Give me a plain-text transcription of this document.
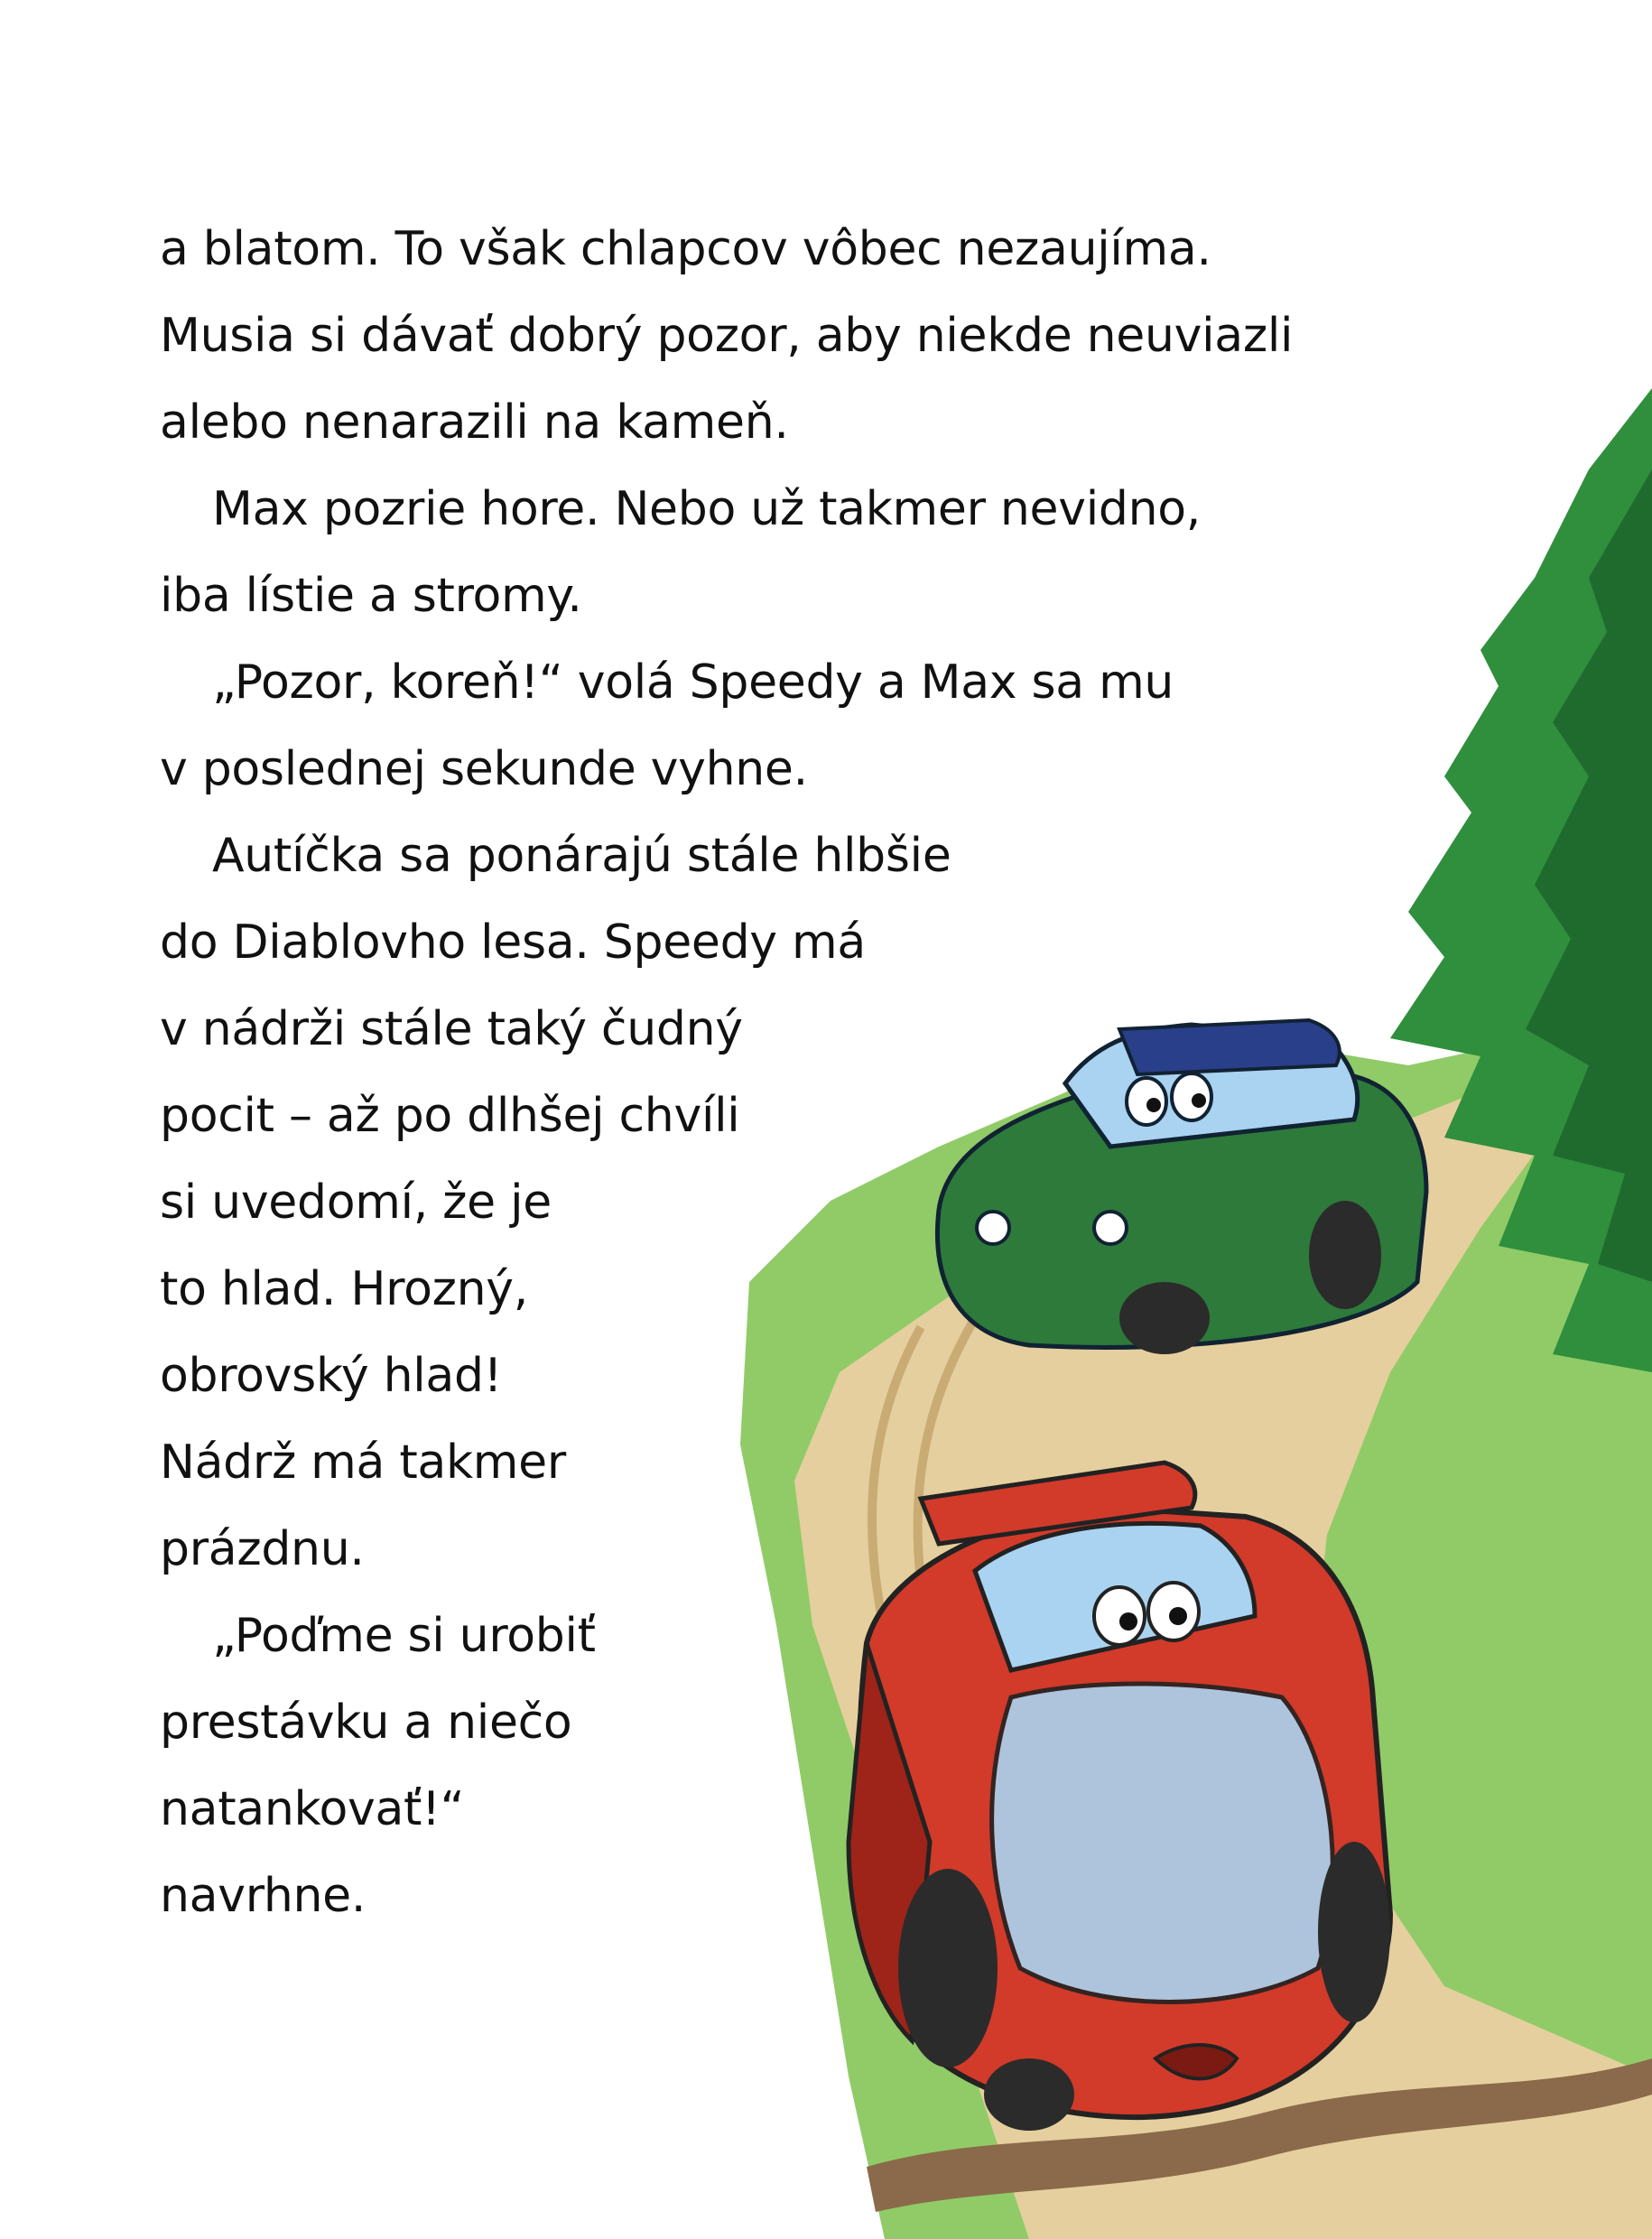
a blatom. To však chlapcov vôbec nezaujíma.
Musia si dávať dobrý pozor, aby niekde neuviazli
alebo nenarazili na kameň.
Max pozrie hore. Nebo už takmer nevidno,
iba lístie a stromy.
„Pozor, koreň!“ volá Speedy a Max sa mu
v poslednej sekunde vyhne.
Autíčka sa ponárajú stále hlbšie
do Diablovho lesa. Speedy má
v nádrži stále taký čudný
pocit – až po dlhšej chvíli
si uvedomí, že je
to hlad. Hrozný,
obrovský hlad!
Nádrž má takmer
prázdnu.
„Poďme si urobiť
prestávku a niečo
natankovať!“
navrhne.
